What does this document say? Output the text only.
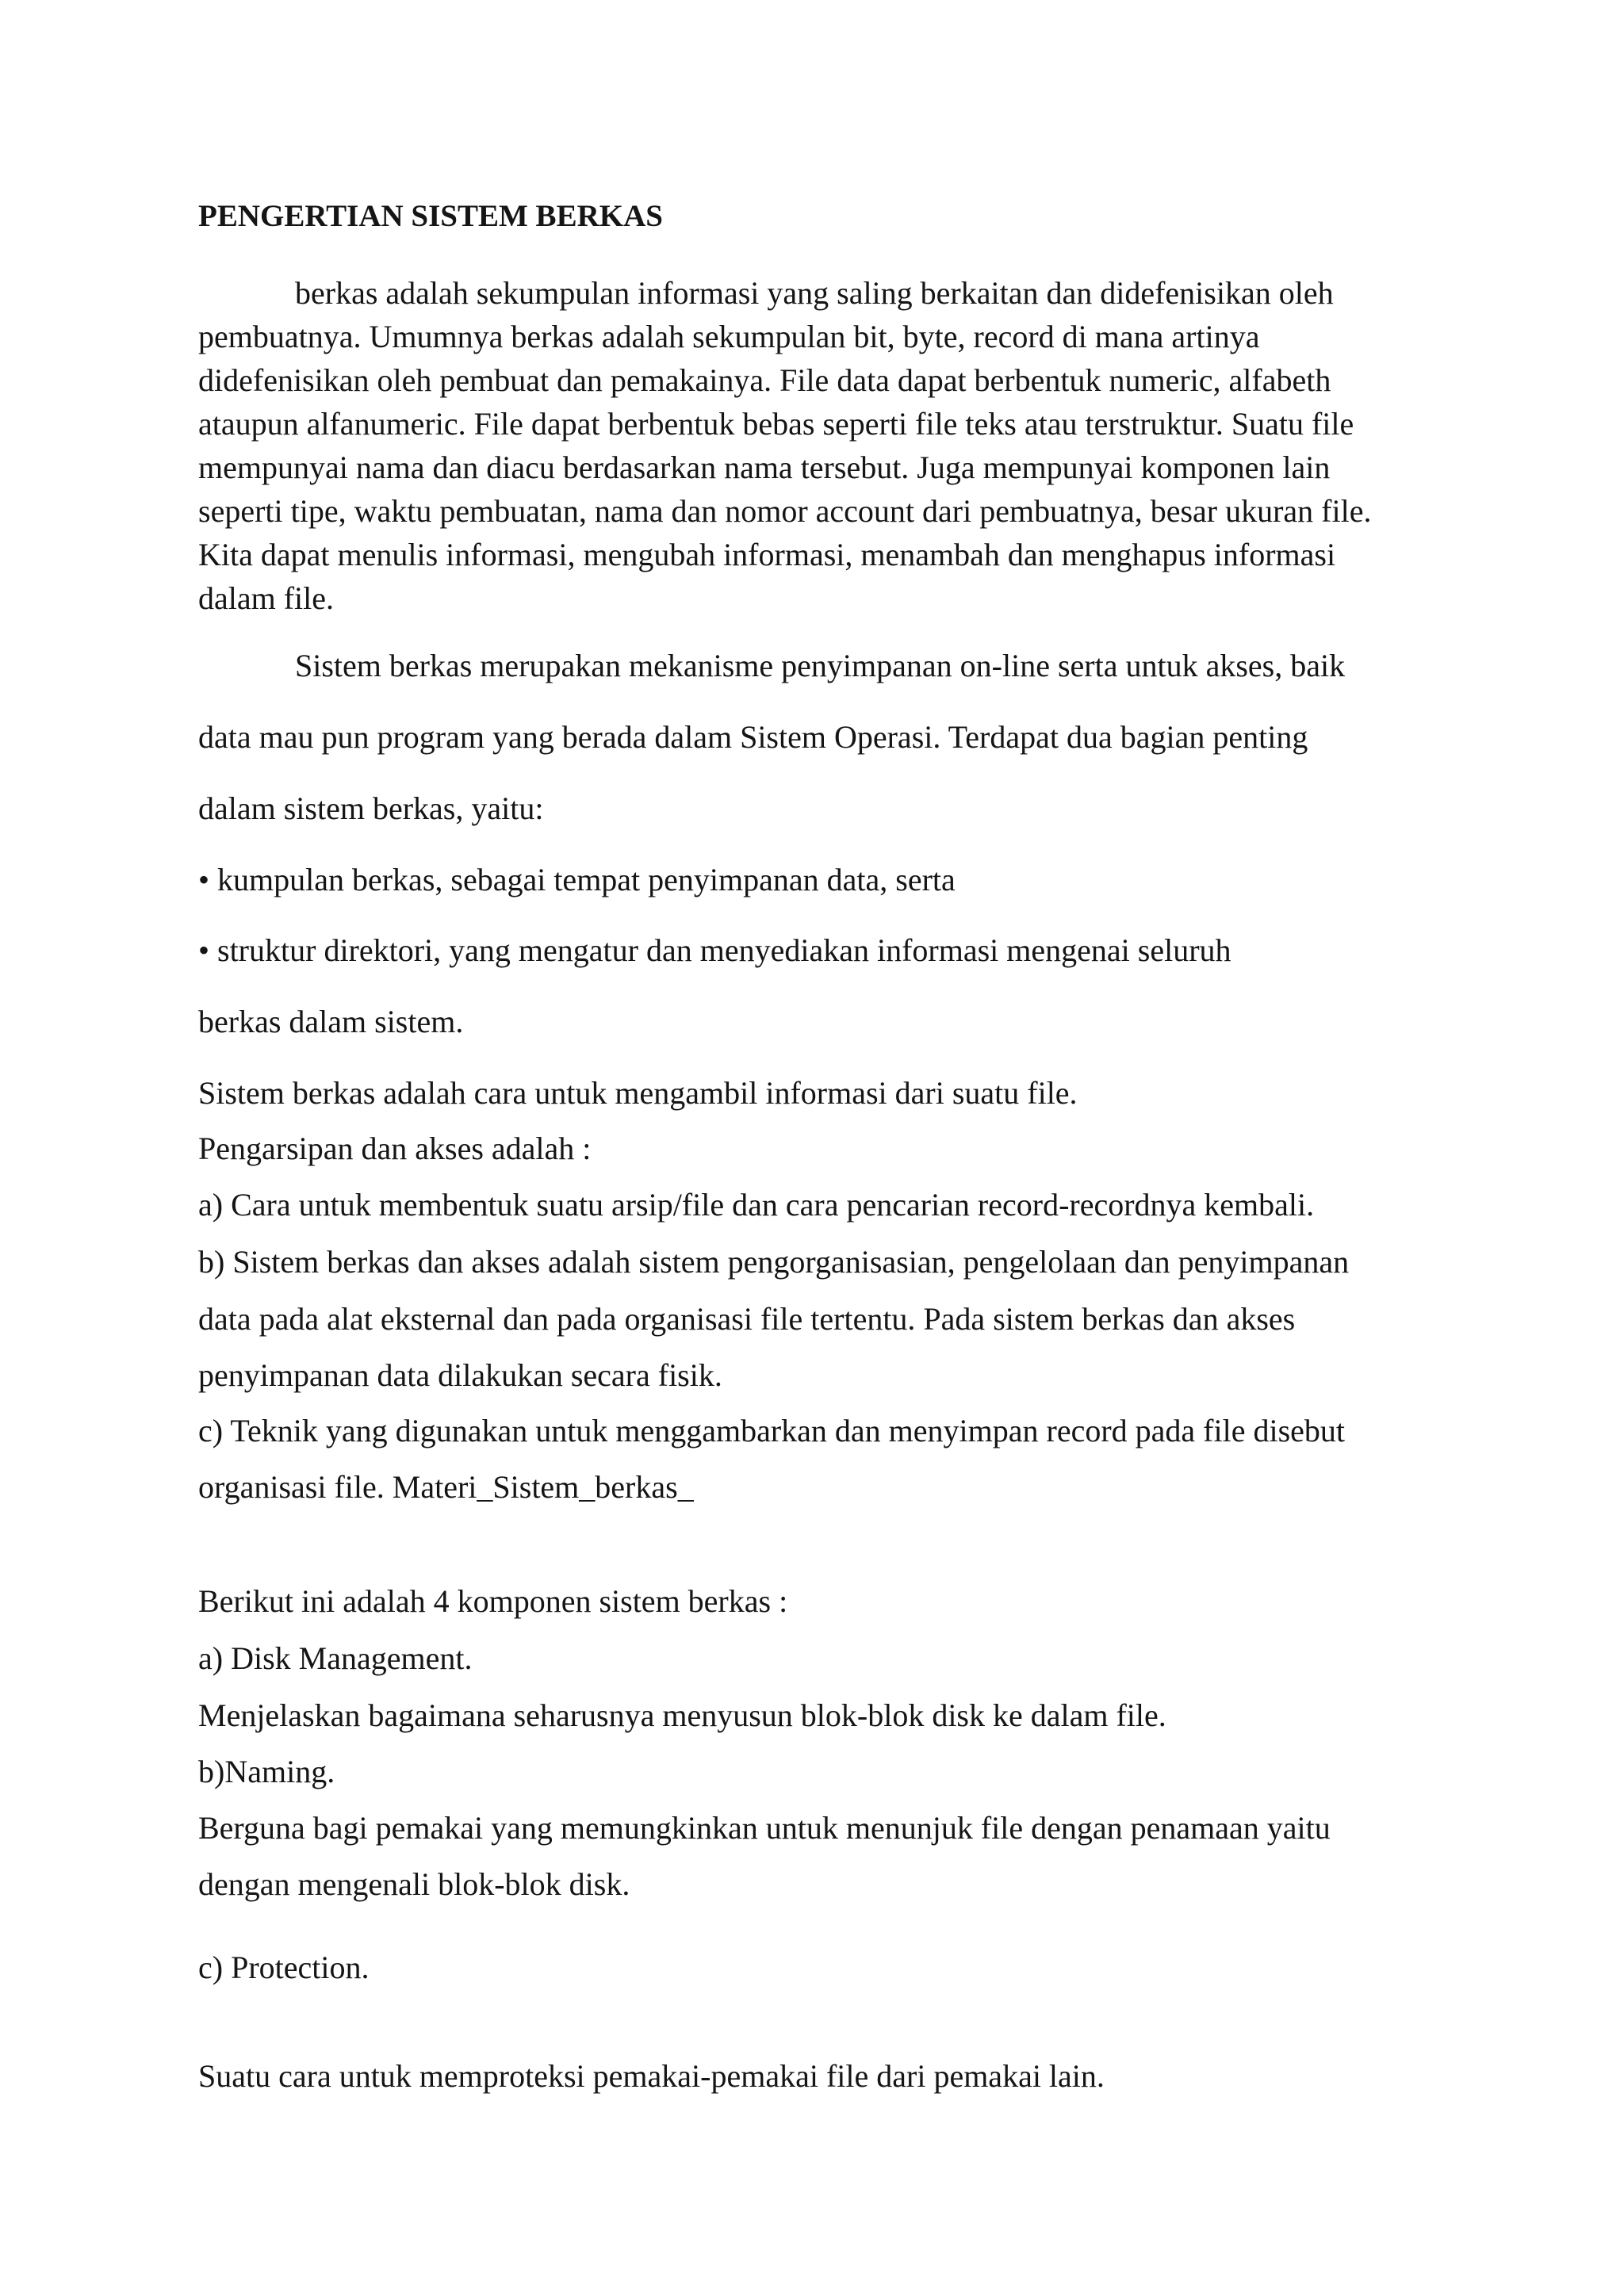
PENGERTIAN SISTEM BERKAS

berkas adalah sekumpulan informasi yang saling berkaitan dan didefenisikan oleh

pembuatnya. Umumnya berkas adalah sekumpulan bit, byte, record di mana artinya

didefenisikan oleh pembuat dan pemakainya. File data dapat berbentuk numeric, alfabeth

ataupun alfanumeric. File dapat berbentuk bebas seperti file teks atau terstruktur. Suatu file

mempunyai nama dan diacu berdasarkan nama tersebut. Juga mempunyai komponen lain

seperti tipe, waktu pembuatan, nama dan nomor account dari pembuatnya, besar ukuran file.

Kita dapat menulis informasi, mengubah informasi, menambah dan menghapus informasi

dalam file.

Sistem berkas merupakan mekanisme penyimpanan on-line serta untuk akses, baik

data mau pun program yang berada dalam Sistem Operasi. Terdapat dua bagian penting

dalam sistem berkas, yaitu:

• kumpulan berkas, sebagai tempat penyimpanan data, serta

• struktur direktori, yang mengatur dan menyediakan informasi mengenai seluruh

berkas dalam sistem.

Sistem berkas adalah cara untuk mengambil informasi dari suatu file.

Pengarsipan dan akses adalah :

a) Cara untuk membentuk suatu arsip/file dan cara pencarian record-recordnya kembali.

b) Sistem berkas dan akses adalah sistem pengorganisasian, pengelolaan dan penyimpanan

data pada alat eksternal dan pada organisasi file tertentu. Pada sistem berkas dan akses

penyimpanan data dilakukan secara fisik.

c) Teknik yang digunakan untuk menggambarkan dan menyimpan record pada file disebut

organisasi file. Materi_Sistem_berkas_

Berikut ini adalah 4 komponen sistem berkas :

a) Disk Management.

Menjelaskan bagaimana seharusnya menyusun blok-blok disk ke dalam file.

b)Naming.

Berguna bagi pemakai yang memungkinkan untuk menunjuk file dengan penamaan yaitu

dengan mengenali blok-blok disk.

c) Protection.

Suatu cara untuk memproteksi pemakai-pemakai file dari pemakai lain.
